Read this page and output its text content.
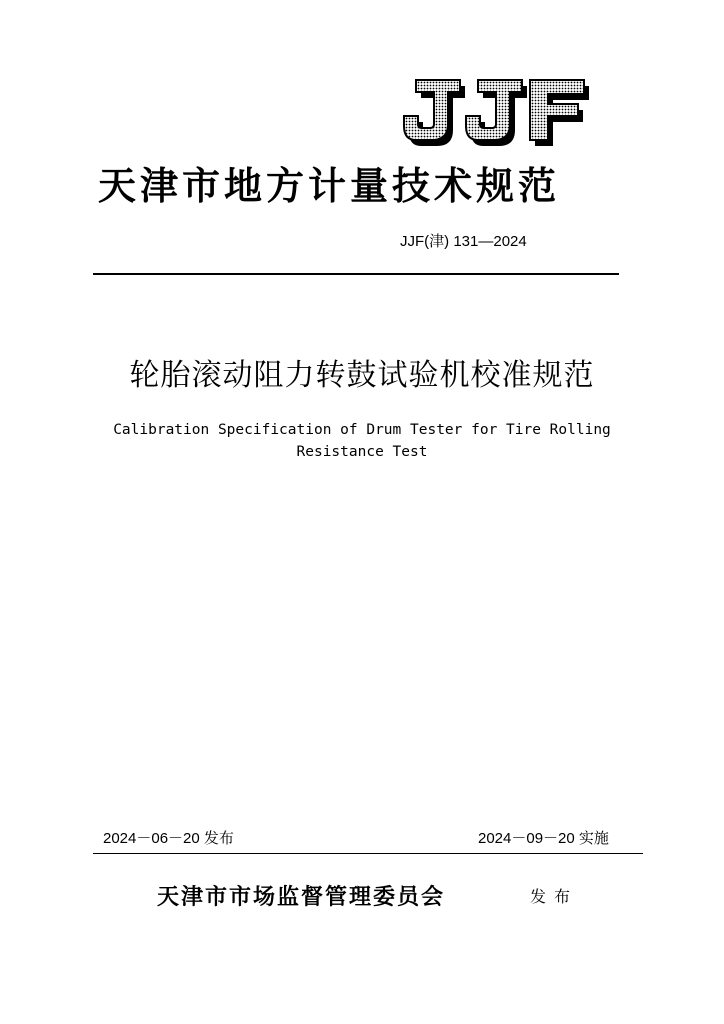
天津市地方计量技术规范
JJF(津) 131—2024
轮胎滚动阻力转鼓试验机校准规范
Calibration Specification of Drum Tester for Tire Rolling
Resistance Test
2024－06－20 发布	2024－09－20 实施
天津市市场监督管理委员会	发布
